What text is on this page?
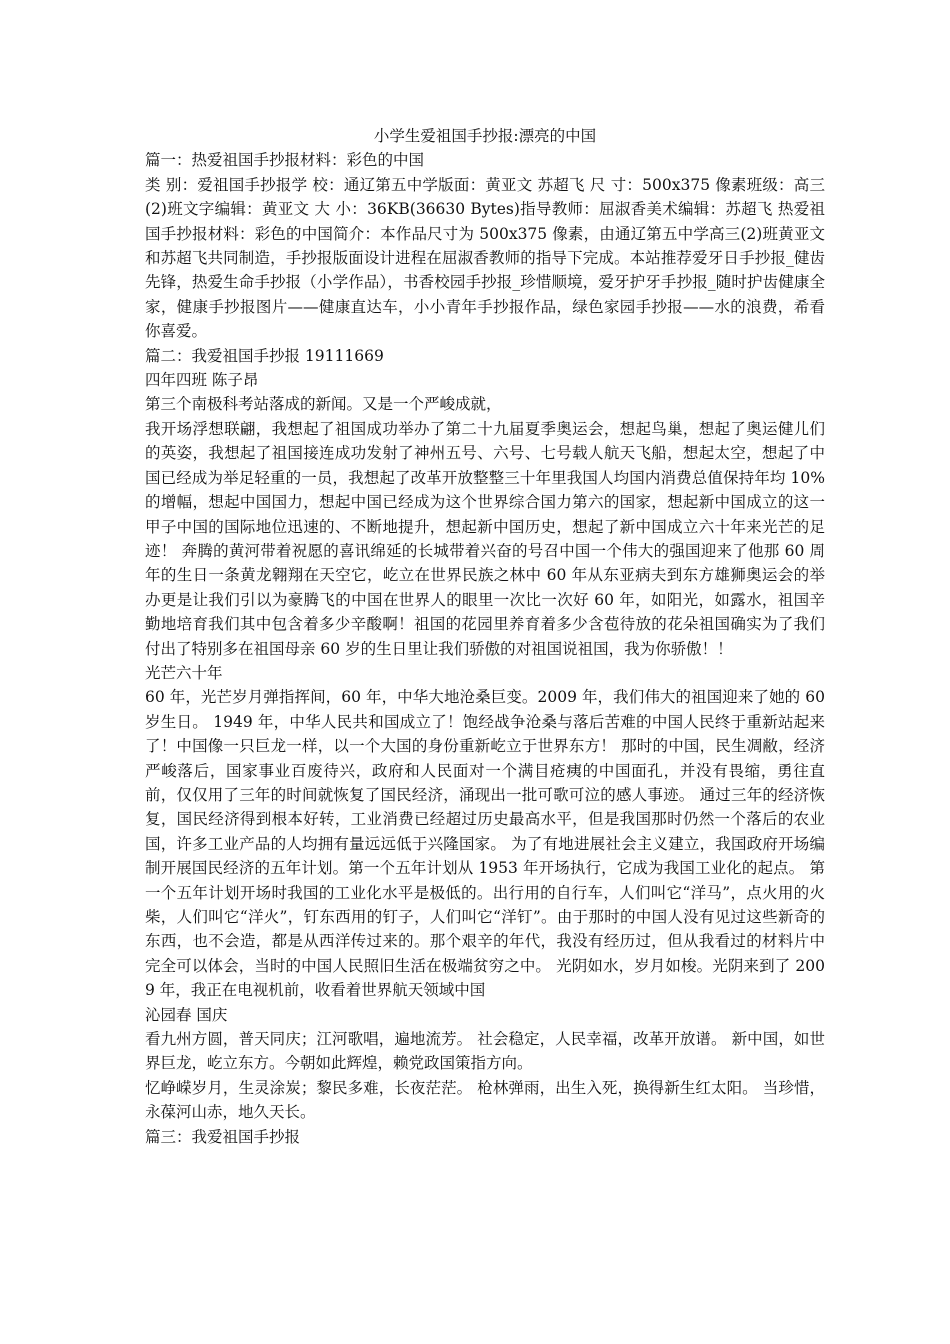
小学生爱祖国手抄报:漂亮的中国

篇一：热爱祖国手抄报材料：彩色的中国

类 别：爱祖国手抄报学 校：通辽第五中学版面：黄亚文 苏超飞 尺 寸：500x375 像素班级：高三(2)班文字编辑：黄亚文 大 小：36KB(36630 Bytes)指导教师：屈淑香美术编辑：苏超飞 热爱祖国手抄报材料：彩色的中国简介：本作品尺寸为 500x375 像素，由通辽第五中学高三(2)班黄亚文和苏超飞共同制造，手抄报版面设计进程在屈淑香教师的指导下完成。本站推荐爱牙日手抄报_健齿先锋，热爱生命手抄报（小学作品），书香校园手抄报_珍惜顺境，爱牙护牙手抄报_随时护齿健康全家，健康手抄报图片——健康直达车，小小青年手抄报作品，绿色家园手抄报——水的浪费，希看你喜爱。

篇二：我爱祖国手抄报 19111669

四年四班 陈子昂

第三个南极科考站落成的新闻。又是一个严峻成就，

我开场浮想联翩，我想起了祖国成功举办了第二十九届夏季奥运会，想起鸟巢，想起了奥运健儿们的英姿，我想起了祖国接连成功发射了神州五号、六号、七号载人航天飞船，想起太空，想起了中国已经成为举足轻重的一员，我想起了改革开放整整三十年里我国人均国内消费总值保持年均 10%的增幅，想起中国国力，想起中国已经成为这个世界综合国力第六的国家，想起新中国成立的这一甲子中国的国际地位迅速的、不断地提升，想起新中国历史，想起了新中国成立六十年来光芒的足迹！ 奔腾的黄河带着祝愿的喜讯绵延的长城带着兴奋的号召中国一个伟大的强国迎来了他那 60 周年的生日一条黄龙翱翔在天空它，屹立在世界民族之林中 60 年从东亚病夫到东方雄狮奥运会的举办更是让我们引以为豪腾飞的中国在世界人的眼里一次比一次好 60 年，如阳光，如露水，祖国辛勤地培育我们其中包含着多少辛酸啊！祖国的花园里养育着多少含苞待放的花朵祖国确实为了我们付出了特别多在祖国母亲 60 岁的生日里让我们骄傲的对祖国说祖国，我为你骄傲！！

光芒六十年

60 年，光芒岁月弹指挥间，60 年，中华大地沧桑巨变。2009 年，我们伟大的祖国迎来了她的 60 岁生日。 1949 年，中华人民共和国成立了！饱经战争沧桑与落后苦难的中国人民终于重新站起来了！中国像一只巨龙一样，以一个大国的身份重新屹立于世界东方！ 那时的中国，民生凋敝，经济严峻落后，国家事业百废待兴，政府和人民面对一个满目疮痍的中国面孔，并没有畏缩，勇往直前，仅仅用了三年的时间就恢复了国民经济，涌现出一批可歌可泣的感人事迹。 通过三年的经济恢复，国民经济得到根本好转，工业消费已经超过历史最高水平，但是我国那时仍然一个落后的农业国，许多工业产品的人均拥有量远远低于兴隆国家。 为了有地进展社会主义建立，我国政府开场编制开展国民经济的五年计划。第一个五年计划从 1953 年开场执行，它成为我国工业化的起点。 第一个五年计划开场时我国的工业化水平是极低的。出行用的自行车，人们叫它“洋马”，点火用的火柴，人们叫它“洋火”，钉东西用的钉子，人们叫它“洋钉”。由于那时的中国人没有见过这些新奇的东西，也不会造，都是从西洋传过来的。那个艰辛的年代，我没有经历过，但从我看过的材料片中完全可以体会，当时的中国人民照旧生活在极端贫穷之中。 光阴如水，岁月如梭。光阴来到了 2009 年，我正在电视机前，收看着世界航天领域中国

沁园春 国庆

看九州方圆，普天同庆；江河歌唱，遍地流芳。 社会稳定，人民幸福，改革开放谱。 新中国，如世界巨龙，屹立东方。今朝如此辉煌，赖党政国策指方向。

忆峥嵘岁月，生灵涂炭；黎民多难，长夜茫茫。 枪林弹雨，出生入死，换得新生红太阳。 当珍惜，永葆河山赤，地久天长。

篇三：我爱祖国手抄报
